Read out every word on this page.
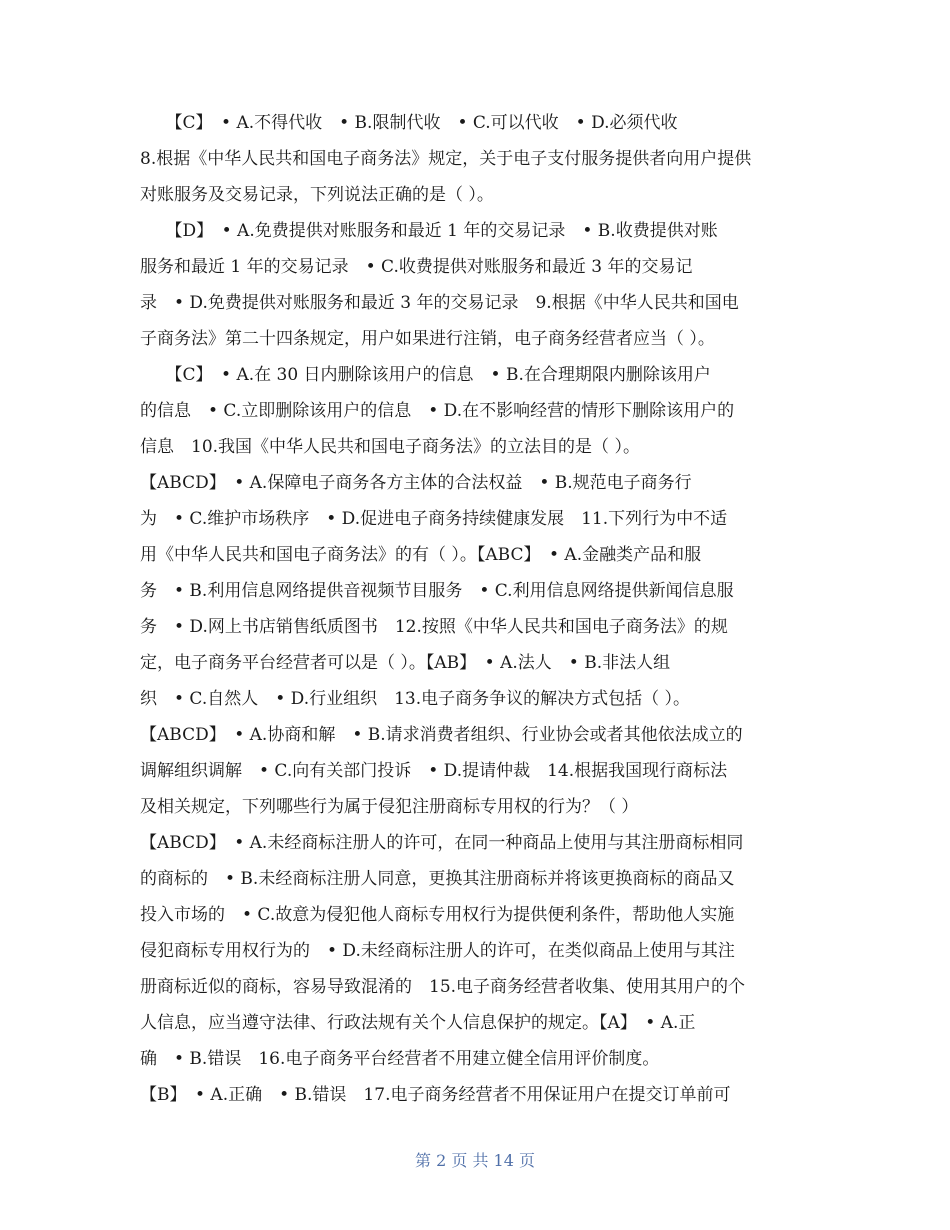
　　【C】　• A.不得代收　• B.限制代收　• C.可以代收　• D.必须代收
8.根据《中华人民共和国电子商务法》规定，关于电子支付服务提供者向用户提供
对账服务及交易记录，下列说法正确的是（ ）。
　　【D】　• A.免费提供对账服务和最近 1 年的交易记录　• B.收费提供对账
服务和最近 1 年的交易记录　• C.收费提供对账服务和最近 3 年的交易记
录　• D.免费提供对账服务和最近 3 年的交易记录　9.根据《中华人民共和国电
子商务法》第二十四条规定，用户如果进行注销，电子商务经营者应当（ ）。
　　【C】　• A.在 30 日内删除该用户的信息　• B.在合理期限内删除该用户
的信息　• C.立即删除该用户的信息　• D.在不影响经营的情形下删除该用户的
信息　10.我国《中华人民共和国电子商务法》的立法目的是（ ）。
【ABCD】　• A.保障电子商务各方主体的合法权益　• B.规范电子商务行
为　• C.维护市场秩序　• D.促进电子商务持续健康发展　11.下列行为中不适
用《中华人民共和国电子商务法》的有（ ）。【ABC】　• A.金融类产品和服
务　• B.利用信息网络提供音视频节目服务　• C.利用信息网络提供新闻信息服
务　• D.网上书店销售纸质图书　12.按照《中华人民共和国电子商务法》的规
定，电子商务平台经营者可以是（ ）。【AB】　• A.法人　• B.非法人组
织　• C.自然人　• D.行业组织　13.电子商务争议的解决方式包括（ ）。
【ABCD】　• A.协商和解　• B.请求消费者组织、行业协会或者其他依法成立的
调解组织调解　• C.向有关部门投诉　• D.提请仲裁　14.根据我国现行商标法
及相关规定，下列哪些行为属于侵犯注册商标专用权的行为？（ ）
【ABCD】　• A.未经商标注册人的许可，在同一种商品上使用与其注册商标相同
的商标的　• B.未经商标注册人同意，更换其注册商标并将该更换商标的商品又
投入市场的　• C.故意为侵犯他人商标专用权行为提供便利条件，帮助他人实施
侵犯商标专用权行为的　• D.未经商标注册人的许可，在类似商品上使用与其注
册商标近似的商标，容易导致混淆的　15.电子商务经营者收集、使用其用户的个
人信息，应当遵守法律、行政法规有关个人信息保护的规定。【A】　• A.正
确　• B.错误　16.电子商务平台经营者不用建立健全信用评价制度。
【B】　• A.正确　• B.错误　17.电子商务经营者不用保证用户在提交订单前可
第 2 页 共 14 页
